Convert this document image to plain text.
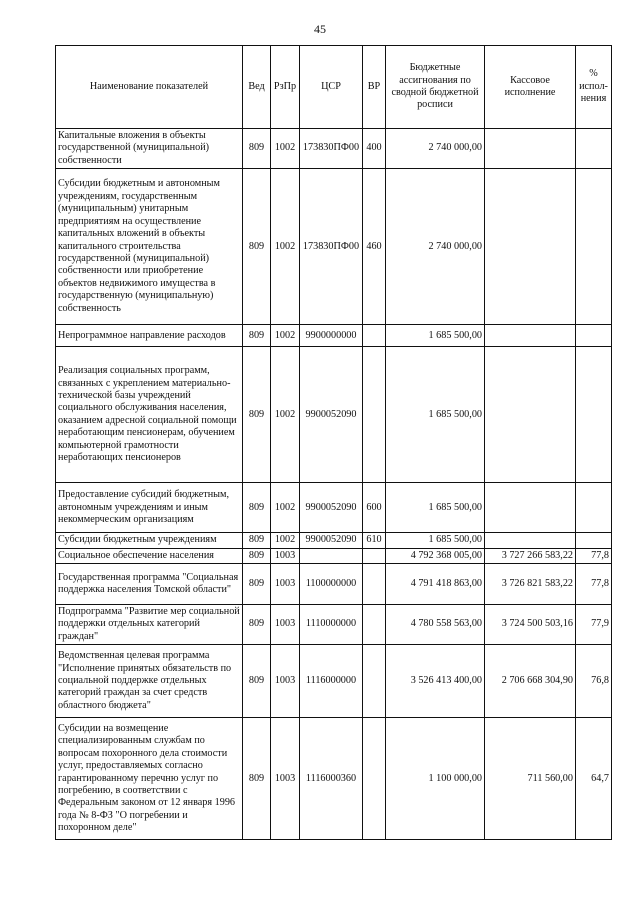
45
Наименование показателей	Вед	РзПр	ЦСР	ВР	Бюджетные ассигнования по сводной бюджетной росписи	Кассовое исполнение	% испол-нения
Капитальные вложения в объекты государственной (муниципальной) собственности	809	1002	173830ПФ00	400	2 740 000,00		
Субсидии бюджетным и автономным учреждениям, государственным (муниципальным) унитарным предприятиям на осуществление капитальных вложений в объекты капитального строительства государственной (муниципальной) собственности или приобретение объектов недвижимого имущества в государственную (муниципальную) собственность	809	1002	173830ПФ00	460	2 740 000,00		
Непрограммное направление расходов	809	1002	9900000000		1 685 500,00		
Реализация социальных программ, связанных с укреплением материально-технической базы учреждений социального обслуживания населения, оказанием адресной социальной помощи неработающим пенсионерам, обучением компьютерной грамотности неработающих пенсионеров	809	1002	9900052090		1 685 500,00		
Предоставление субсидий бюджетным, автономным учреждениям и иным некоммерческим организациям	809	1002	9900052090	600	1 685 500,00		
Субсидии бюджетным учреждениям	809	1002	9900052090	610	1 685 500,00		
Социальное обеспечение населения	809	1003			4 792 368 005,00	3 727 266 583,22	77,8
Государственная программа "Социальная поддержка населения Томской области"	809	1003	1100000000		4 791 418 863,00	3 726 821 583,22	77,8
Подпрограмма "Развитие мер социальной поддержки отдельных категорий граждан"	809	1003	1110000000		4 780 558 563,00	3 724 500 503,16	77,9
Ведомственная целевая программа "Исполнение принятых обязательств по социальной поддержке отдельных категорий граждан за счет средств областного бюджета"	809	1003	1116000000		3 526 413 400,00	2 706 668 304,90	76,8
Субсидии на возмещение специализированным службам по вопросам похоронного дела стоимости услуг, предоставляемых согласно гарантированному перечню услуг по погребению, в соответствии с Федеральным законом от 12 января 1996 года № 8-ФЗ "О погребении и похоронном деле"	809	1003	1116000360		1 100 000,00	711 560,00	64,7
